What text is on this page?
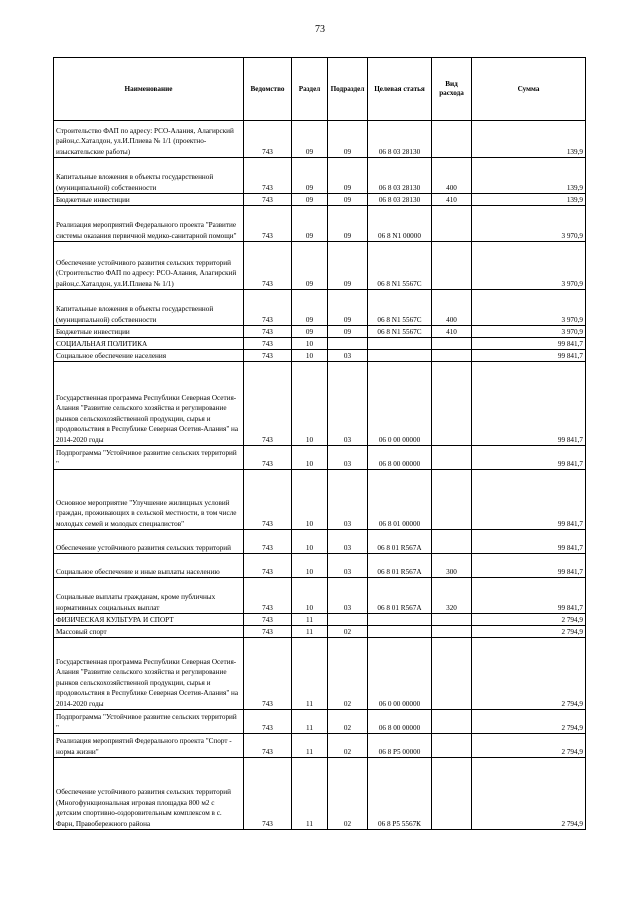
73
Наименование	Ведомство	Раздел	Подраздел	Целевая статья	Вид расхода	Сумма
Строительство ФАП по адресу: РСО-Алания, Алагирский район,с.Хаталдон, ул.И.Плиева № 1/1 (проектно-изыскательские работы)	743	09	09	06 8 03 28130		139,9
Капитальные вложения в объекты государственной (муниципальной) собственности	743	09	09	06 8 03 28130	400	139,9
Бюджетные инвестиции	743	09	09	06 8 03 28130	410	139,9
Реализация мероприятий Федерального проекта "Развитие системы оказания первичной медико-санитарной помощи"	743	09	09	06 8 N1 00000		3 970,9
Обеспечение устойчивого развития сельских территорий (Строительство ФАП по адресу: РСО-Алания, Алагирский район,с.Хаталдон, ул.И.Плиева № 1/1)	743	09	09	06 8 N1 5567C		3 970,9
Капитальные вложения в объекты государственной (муниципальной) собственности	743	09	09	06 8 N1 5567C	400	3 970,9
Бюджетные инвестиции	743	09	09	06 8 N1 5567C	410	3 970,9
СОЦИАЛЬНАЯ ПОЛИТИКА	743	10				99 841,7
Социальное обеспечение населения	743	10	03			99 841,7
Государственная программа Республики Северная Осетия-Алания "Развитие сельского хозяйства и регулирование рынков сельскохозяйственной продукции, сырья и продовольствия в Республике Северная Осетия-Алания" на 2014-2020 годы	743	10	03	06 0 00 00000		99 841,7
Подпрограмма "Устойчивое развитие сельских территорий "	743	10	03	06 8 00 00000		99 841,7
Основное мероприятие "Улучшение жилищных условий граждан, проживающих в сельской местности, в том числе молодых семей и молодых специалистов"	743	10	03	06 8 01 00000		99 841,7
Обеспечение устойчивого развития сельских территорий	743	10	03	06 8 01 R567A		99 841,7
Социальное обеспечение и иные выплаты населению	743	10	03	06 8 01 R567A	300	99 841,7
Социальные выплаты гражданам, кроме публичных нормативных социальных выплат	743	10	03	06 8 01 R567A	320	99 841,7
ФИЗИЧЕСКАЯ КУЛЬТУРА И СПОРТ	743	11				2 794,9
Массовый спорт	743	11	02			2 794,9
Государственная программа Республики Северная Осетия-Алания "Развитие сельского хозяйства и регулирование рынков сельскохозяйственной продукции, сырья и продовольствия в Республике Северная Осетия-Алания" на 2014-2020 годы	743	11	02	06 0 00 00000		2 794,9
Подпрограмма "Устойчивое развитие сельских территорий "	743	11	02	06 8 00 00000		2 794,9
Реализация мероприятий Федерального проекта "Спорт - норма жизни"	743	11	02	06 8 P5 00000		2 794,9
Обеспечение устойчивого развития сельских территорий (Многофункциональная игровая площадка 800 м2 с детским спортивно-оздоровительным комплексом в с. Фарн, Правобережного района	743	11	02	06 8 P5 5567К		2 794,9
